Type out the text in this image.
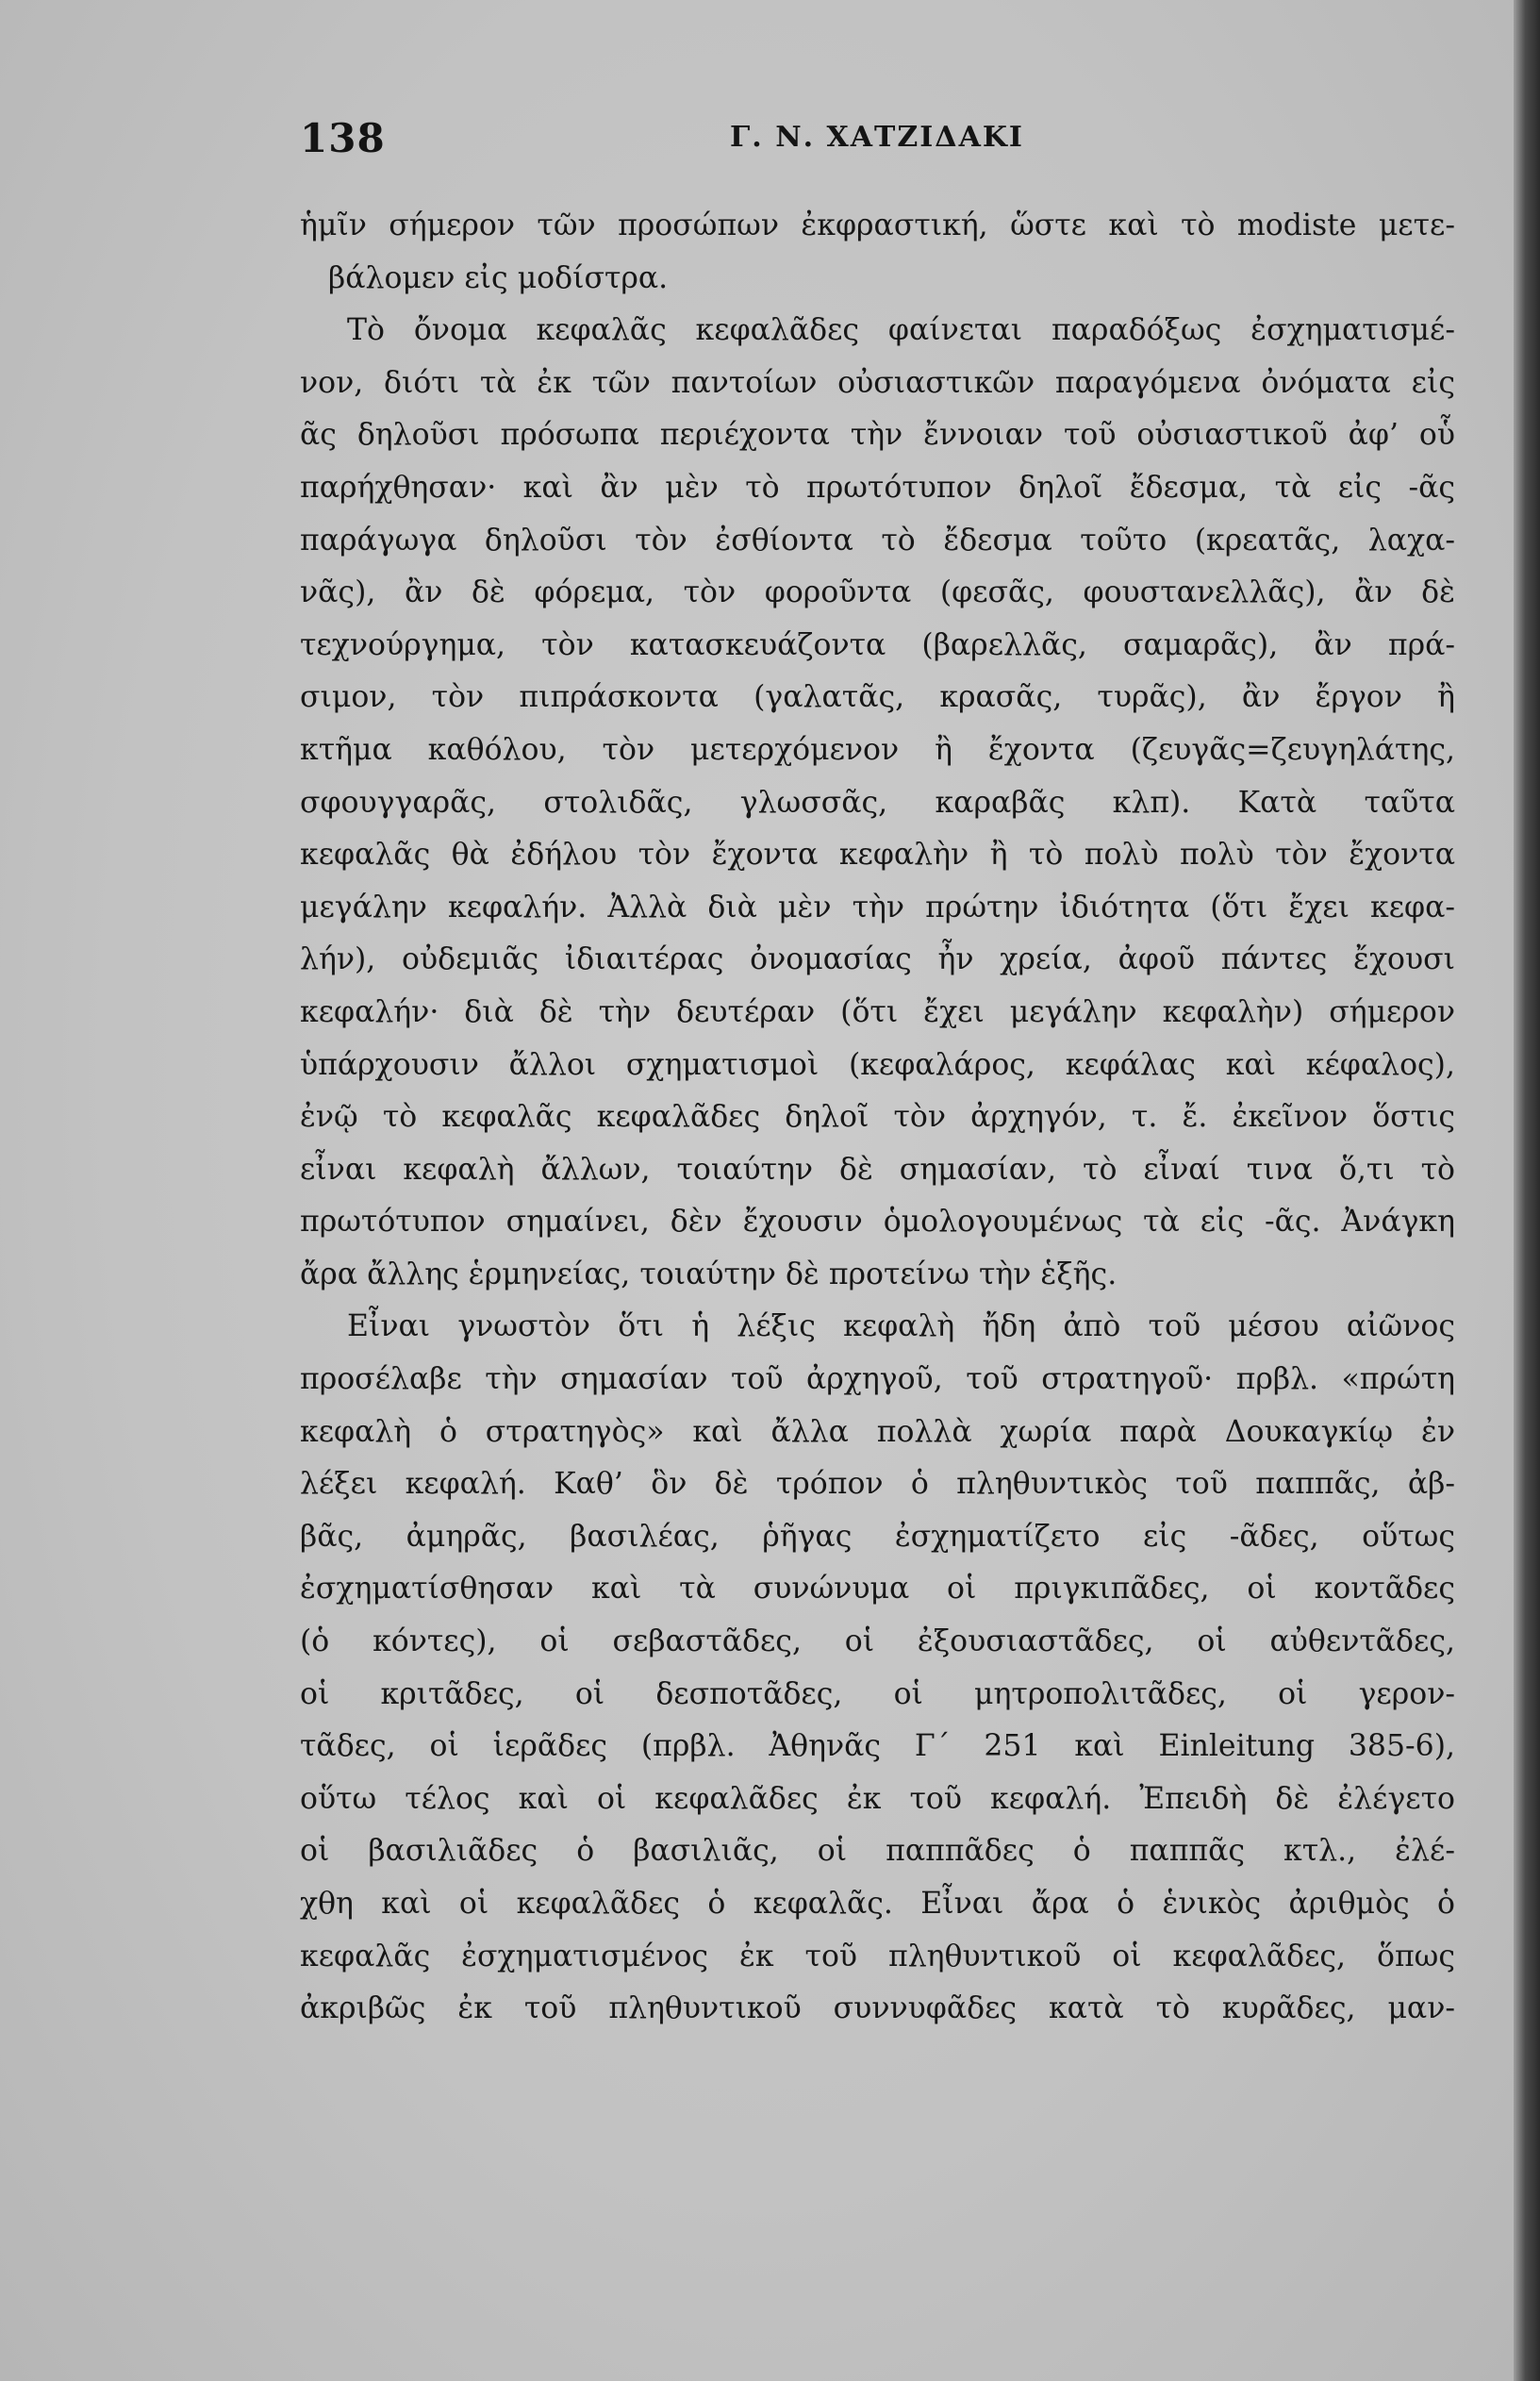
138	Γ. Ν. ΧΑΤΖΙΔΑΚΙ
ἡμῖν σήμερον τῶν προσώπων ἐκφραστική, ὥστε καὶ τὸ modiste μετε-
βάλομεν εἰς μοδίστρα.
Τὸ ὄνομα κεφαλᾶς κεφαλᾶδες φαίνεται παραδόξως ἐσχηματισμέ-
νον, διότι τὰ ἐκ τῶν παντοίων οὐσιαστικῶν παραγόμενα ὀνόματα εἰς
ᾶς δηλοῦσι πρόσωπα περιέχοντα τὴν ἔννοιαν τοῦ οὐσιαστικοῦ ἀφ’ οὗ
παρήχθησαν· καὶ ἂν μὲν τὸ πρωτότυπον δηλοῖ ἔδεσμα, τὰ εἰς -ᾶς
παράγωγα δηλοῦσι τὸν ἐσθίοντα τὸ ἔδεσμα τοῦτο (κρεατᾶς, λαχα-
νᾶς), ἂν δὲ φόρεμα, τὸν φοροῦντα (φεσᾶς, φουστανελλᾶς), ἂν δὲ
τεχνούργημα, τὸν κατασκευάζοντα (βαρελλᾶς, σαμαρᾶς), ἂν πρά-
σιμον, τὸν πιπράσκοντα (γαλατᾶς, κρασᾶς, τυρᾶς), ἂν ἔργον ἢ
κτῆμα καθόλου, τὸν μετερχόμενον ἢ ἔχοντα (ζευγᾶς=ζευγηλάτης,
σφουγγαρᾶς, στολιδᾶς, γλωσσᾶς, καραβᾶς κλπ). Κατὰ ταῦτα
κεφαλᾶς θὰ ἐδήλου τὸν ἔχοντα κεφαλὴν ἢ τὸ πολὺ πολὺ τὸν ἔχοντα
μεγάλην κεφαλήν. Ἀλλὰ διὰ μὲν τὴν πρώτην ἰδιότητα (ὅτι ἔχει κεφα-
λήν), οὐδεμιᾶς ἰδιαιτέρας ὀνομασίας ἦν χρεία, ἀφοῦ πάντες ἔχουσι
κεφαλήν· διὰ δὲ τὴν δευτέραν (ὅτι ἔχει μεγάλην κεφαλὴν) σήμερον
ὑπάρχουσιν ἄλλοι σχηματισμοὶ (κεφαλάρος, κεφάλας καὶ κέφαλος),
ἐνῷ τὸ κεφαλᾶς κεφαλᾶδες δηλοῖ τὸν ἀρχηγόν, τ. ἔ. ἐκεῖνον ὅστις
εἶναι κεφαλὴ ἄλλων, τοιαύτην δὲ σημασίαν, τὸ εἶναί τινα ὅ,τι τὸ
πρωτότυπον σημαίνει, δὲν ἔχουσιν ὁμολογουμένως τὰ εἰς -ᾶς. Ἀνάγκη
ἄρα ἄλλης ἑρμηνείας, τοιαύτην δὲ προτείνω τὴν ἑξῆς.
Εἶναι γνωστὸν ὅτι ἡ λέξις κεφαλὴ ἤδη ἀπὸ τοῦ μέσου αἰῶνος
προσέλαβε τὴν σημασίαν τοῦ ἀρχηγοῦ, τοῦ στρατηγοῦ· πρβλ. «πρώτη
κεφαλὴ ὁ στρατηγὸς» καὶ ἄλλα πολλὰ χωρία παρὰ Δουκαγκίῳ ἐν
λέξει κεφαλή. Καθ’ ὃν δὲ τρόπον ὁ πληθυντικὸς τοῦ παππᾶς, ἀβ-
βᾶς, ἀμηρᾶς, βασιλέας, ῥῆγας ἐσχηματίζετο εἰς -ᾶδες, οὕτως
ἐσχηματίσθησαν καὶ τὰ συνώνυμα οἱ πριγκιπᾶδες, οἱ κοντᾶδες
(ὁ κόντες), οἱ σεβαστᾶδες, οἱ ἐξουσιαστᾶδες, οἱ αὐθεντᾶδες,
οἱ κριτᾶδες, οἱ δεσποτᾶδες, οἱ μητροπολιτᾶδες, οἱ γερον-
τᾶδες, οἱ ἱερᾶδες (πρβλ. Ἀθηνᾶς Γ΄ 251 καὶ Einleitung 385-6),
οὕτω τέλος καὶ οἱ κεφαλᾶδες ἐκ τοῦ κεφαλή. Ἐπειδὴ δὲ ἐλέγετο
οἱ βασιλιᾶδες ὁ βασιλιᾶς, οἱ παππᾶδες ὁ παππᾶς κτλ., ἐλέ-
χθη καὶ οἱ κεφαλᾶδες ὁ κεφαλᾶς. Εἶναι ἄρα ὁ ἑνικὸς ἀριθμὸς ὁ
κεφαλᾶς ἐσχηματισμένος ἐκ τοῦ πληθυντικοῦ οἱ κεφαλᾶδες, ὅπως
ἀκριβῶς ἐκ τοῦ πληθυντικοῦ συννυφᾶδες κατὰ τὸ κυρᾶδες, μαν-
